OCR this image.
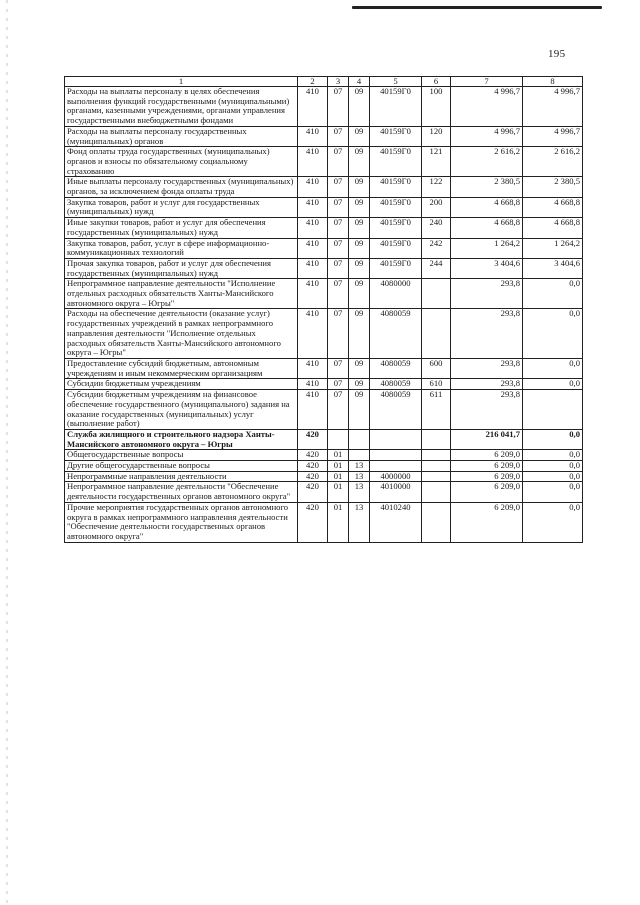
195
1	2	3	4	5	6	7	8
Расходы на выплаты персоналу в целях обеспечения выполнения функций государственными (муниципальными) органами, казенными учреждениями, органами управления государственными внебюджетными фондами	410	07	09	40159Г0	100	4 996,7	4 996,7
Расходы на выплаты персоналу государственных (муниципальных) органов	410	07	09	40159Г0	120	4 996,7	4 996,7
Фонд оплаты труда государственных (муниципальных) органов и взносы по обязательному социальному страхованию	410	07	09	40159Г0	121	2 616,2	2 616,2
Иные выплаты персоналу государственных (муниципальных) органов, за исключением фонда оплаты труда	410	07	09	40159Г0	122	2 380,5	2 380,5
Закупка товаров, работ и услуг для государственных (муниципальных) нужд	410	07	09	40159Г0	200	4 668,8	4 668,8
Иные закупки товаров, работ и услуг для обеспечения государственных (муниципальных) нужд	410	07	09	40159Г0	240	4 668,8	4 668,8
Закупка товаров, работ, услуг в сфере информационно-коммуникационных технологий	410	07	09	40159Г0	242	1 264,2	1 264,2
Прочая закупка товаров, работ и услуг для обеспечения государственных (муниципальных) нужд	410	07	09	40159Г0	244	3 404,6	3 404,6
Непрограммное направление деятельности "Исполнение отдельных расходных обязательств Ханты-Мансийского автономного округа – Югры"	410	07	09	4080000		293,8	0,0
Расходы на обеспечение деятельности (оказание услуг) государственных учреждений в рамках непрограммного направления деятельности "Исполнение отдельных расходных обязательств Ханты-Мансийского автономного округа – Югры"	410	07	09	4080059		293,8	0,0
Предоставление субсидий бюджетным, автономным учреждениям и иным некоммерческим организациям	410	07	09	4080059	600	293,8	0,0
Субсидии бюджетным учреждениям	410	07	09	4080059	610	293,8	0,0
Субсидии бюджетным учреждениям на финансовое обеспечение государственного (муниципального) задания на оказание государственных (муниципальных) услуг (выполнение работ)	410	07	09	4080059	611	293,8	
Служба жилищного и строительного надзора Ханты-Мансийского автономного округа – Югры	420					216 041,7	0,0
Общегосударственные вопросы	420	01				6 209,0	0,0
Другие общегосударственные вопросы	420	01	13			6 209,0	0,0
Непрограммные направления деятельности	420	01	13	4000000		6 209,0	0,0
Непрограммное направление деятельности "Обеспечение деятельности государственных органов автономного округа"	420	01	13	4010000		6 209,0	0,0
Прочие мероприятия государственных органов автономного округа в рамках непрограммного направления деятельности "Обеспечение деятельности государственных органов автономного округа"	420	01	13	4010240		6 209,0	0,0
